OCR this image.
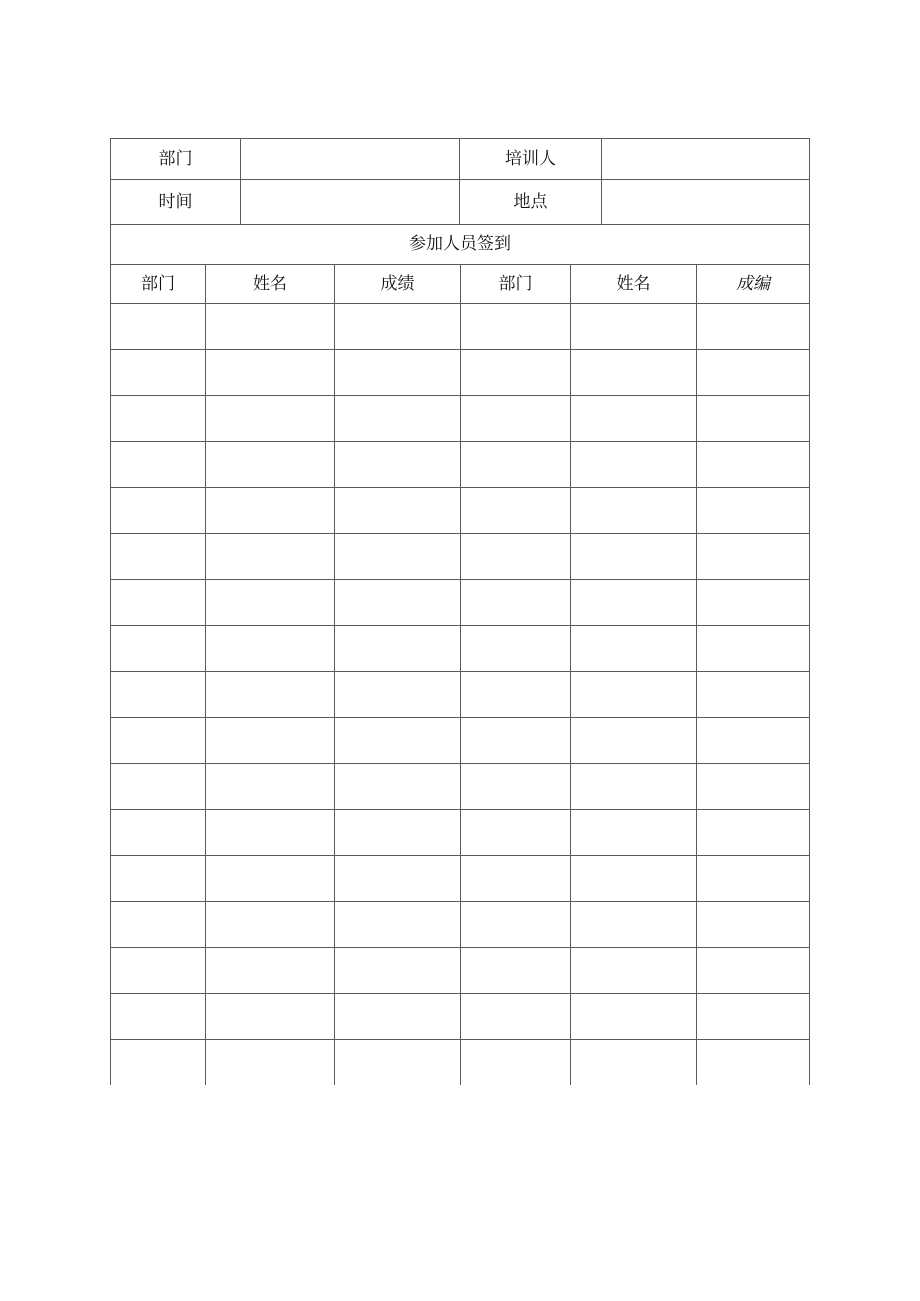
部门		培训人	
时间		地点	
参加人员签到					
部门	姓名	成绩	部门	姓名	成编
